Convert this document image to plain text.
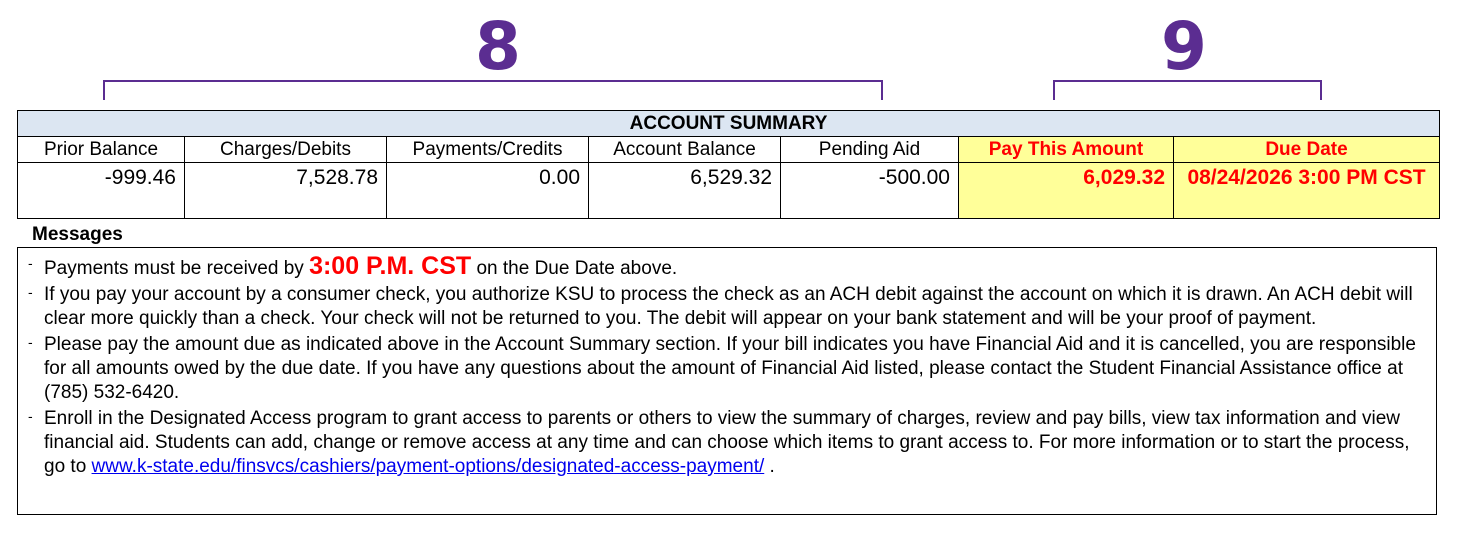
8	9
ACCOUNT SUMMARY						
Prior Balance	Charges/Debits	Payments/Credits	Account Balance	Pending Aid	Pay This Amount	Due Date
-999.46	7,528.78	0.00	6,529.32	-500.00	6,029.32	08/24/2026 3:00 PM CST
Messages
- Payments must be received by 3:00 P.M. CST on the Due Date above.
- If you pay your account by a consumer check, you authorize KSU to process the check as an ACH debit against the account on which it is drawn. An ACH debit will clear more quickly than a check. Your check will not be returned to you. The debit will appear on your bank statement and will be your proof of payment.
- Please pay the amount due as indicated above in the Account Summary section. If your bill indicates you have Financial Aid and it is cancelled, you are responsible for all amounts owed by the due date. If you have any questions about the amount of Financial Aid listed, please contact the Student Financial Assistance office at (785) 532-6420.
- Enroll in the Designated Access program to grant access to parents or others to view the summary of charges, review and pay bills, view tax information and view financial aid. Students can add, change or remove access at any time and can choose which items to grant access to. For more information or to start the process, go to www.k-state.edu/finsvcs/cashiers/payment-options/designated-access-payment/ .
